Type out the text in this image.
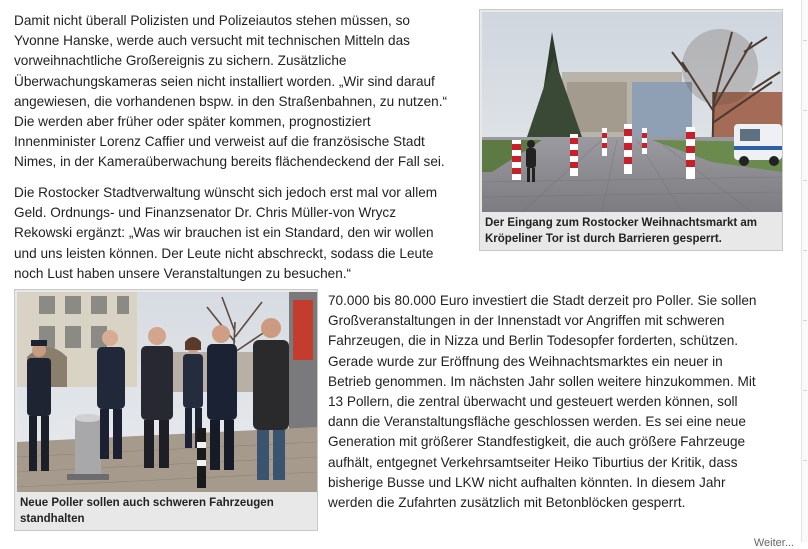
Damit nicht überall Polizisten und Polizeiautos stehen müssen, so
Yvonne Hanske, werde auch versucht mit technischen Mitteln das
vorweihnachtliche Großereignis zu sichern. Zusätzliche
Überwachungskameras seien nicht installiert worden. „Wir sind darauf
angewiesen, die vorhandenen bspw. in den Straßenbahnen, zu nutzen.“
Die werden aber früher oder später kommen, prognostiziert
Innenminister Lorenz Caffier und verweist auf die französische Stadt
Nimes, in der Kameraüberwachung bereits flächendeckend der Fall sei.
Die Rostocker Stadtverwaltung wünscht sich jedoch erst mal vor allem
Geld. Ordnungs- und Finanzsenator Dr. Chris Müller-von Wrycz
Rekowski ergänzt: „Was wir brauchen ist ein Standard, den wir wollen
und uns leisten können. Der Leute nicht abschreckt, sodass die Leute
noch Lust haben unsere Veranstaltungen zu besuchen.“
70.000 bis 80.000 Euro investiert die Stadt derzeit pro Poller. Sie sollen
Großveranstaltungen in der Innenstadt vor Angriffen mit schweren
Fahrzeugen, die in Nizza und Berlin Todesopfer forderten, schützen.
Gerade wurde zur Eröffnung des Weihnachtsmarktes ein neuer in
Betrieb genommen. Im nächsten Jahr sollen weitere hinzukommen. Mit
13 Pollern, die zentral überwacht und gesteuert werden können, soll
dann die Veranstaltungsfläche geschlossen werden. Es sei eine neue
Generation mit größerer Standfestigkeit, die auch größere Fahrzeuge
aufhält, entgegnet Verkehrsamtseiter Heiko Tiburtius der Kritik, dass
bisherige Busse und LKW nicht aufhalten könnten. In diesem Jahr
werden die Zufahrten zusätzlich mit Betonblöcken gesperrt.
Der Eingang zum Rostocker Weihnachtsmarkt am
Kröpeliner Tor ist durch Barrieren gesperrt.
Neue Poller sollen auch schweren Fahrzeugen
standhalten
Weiter...
